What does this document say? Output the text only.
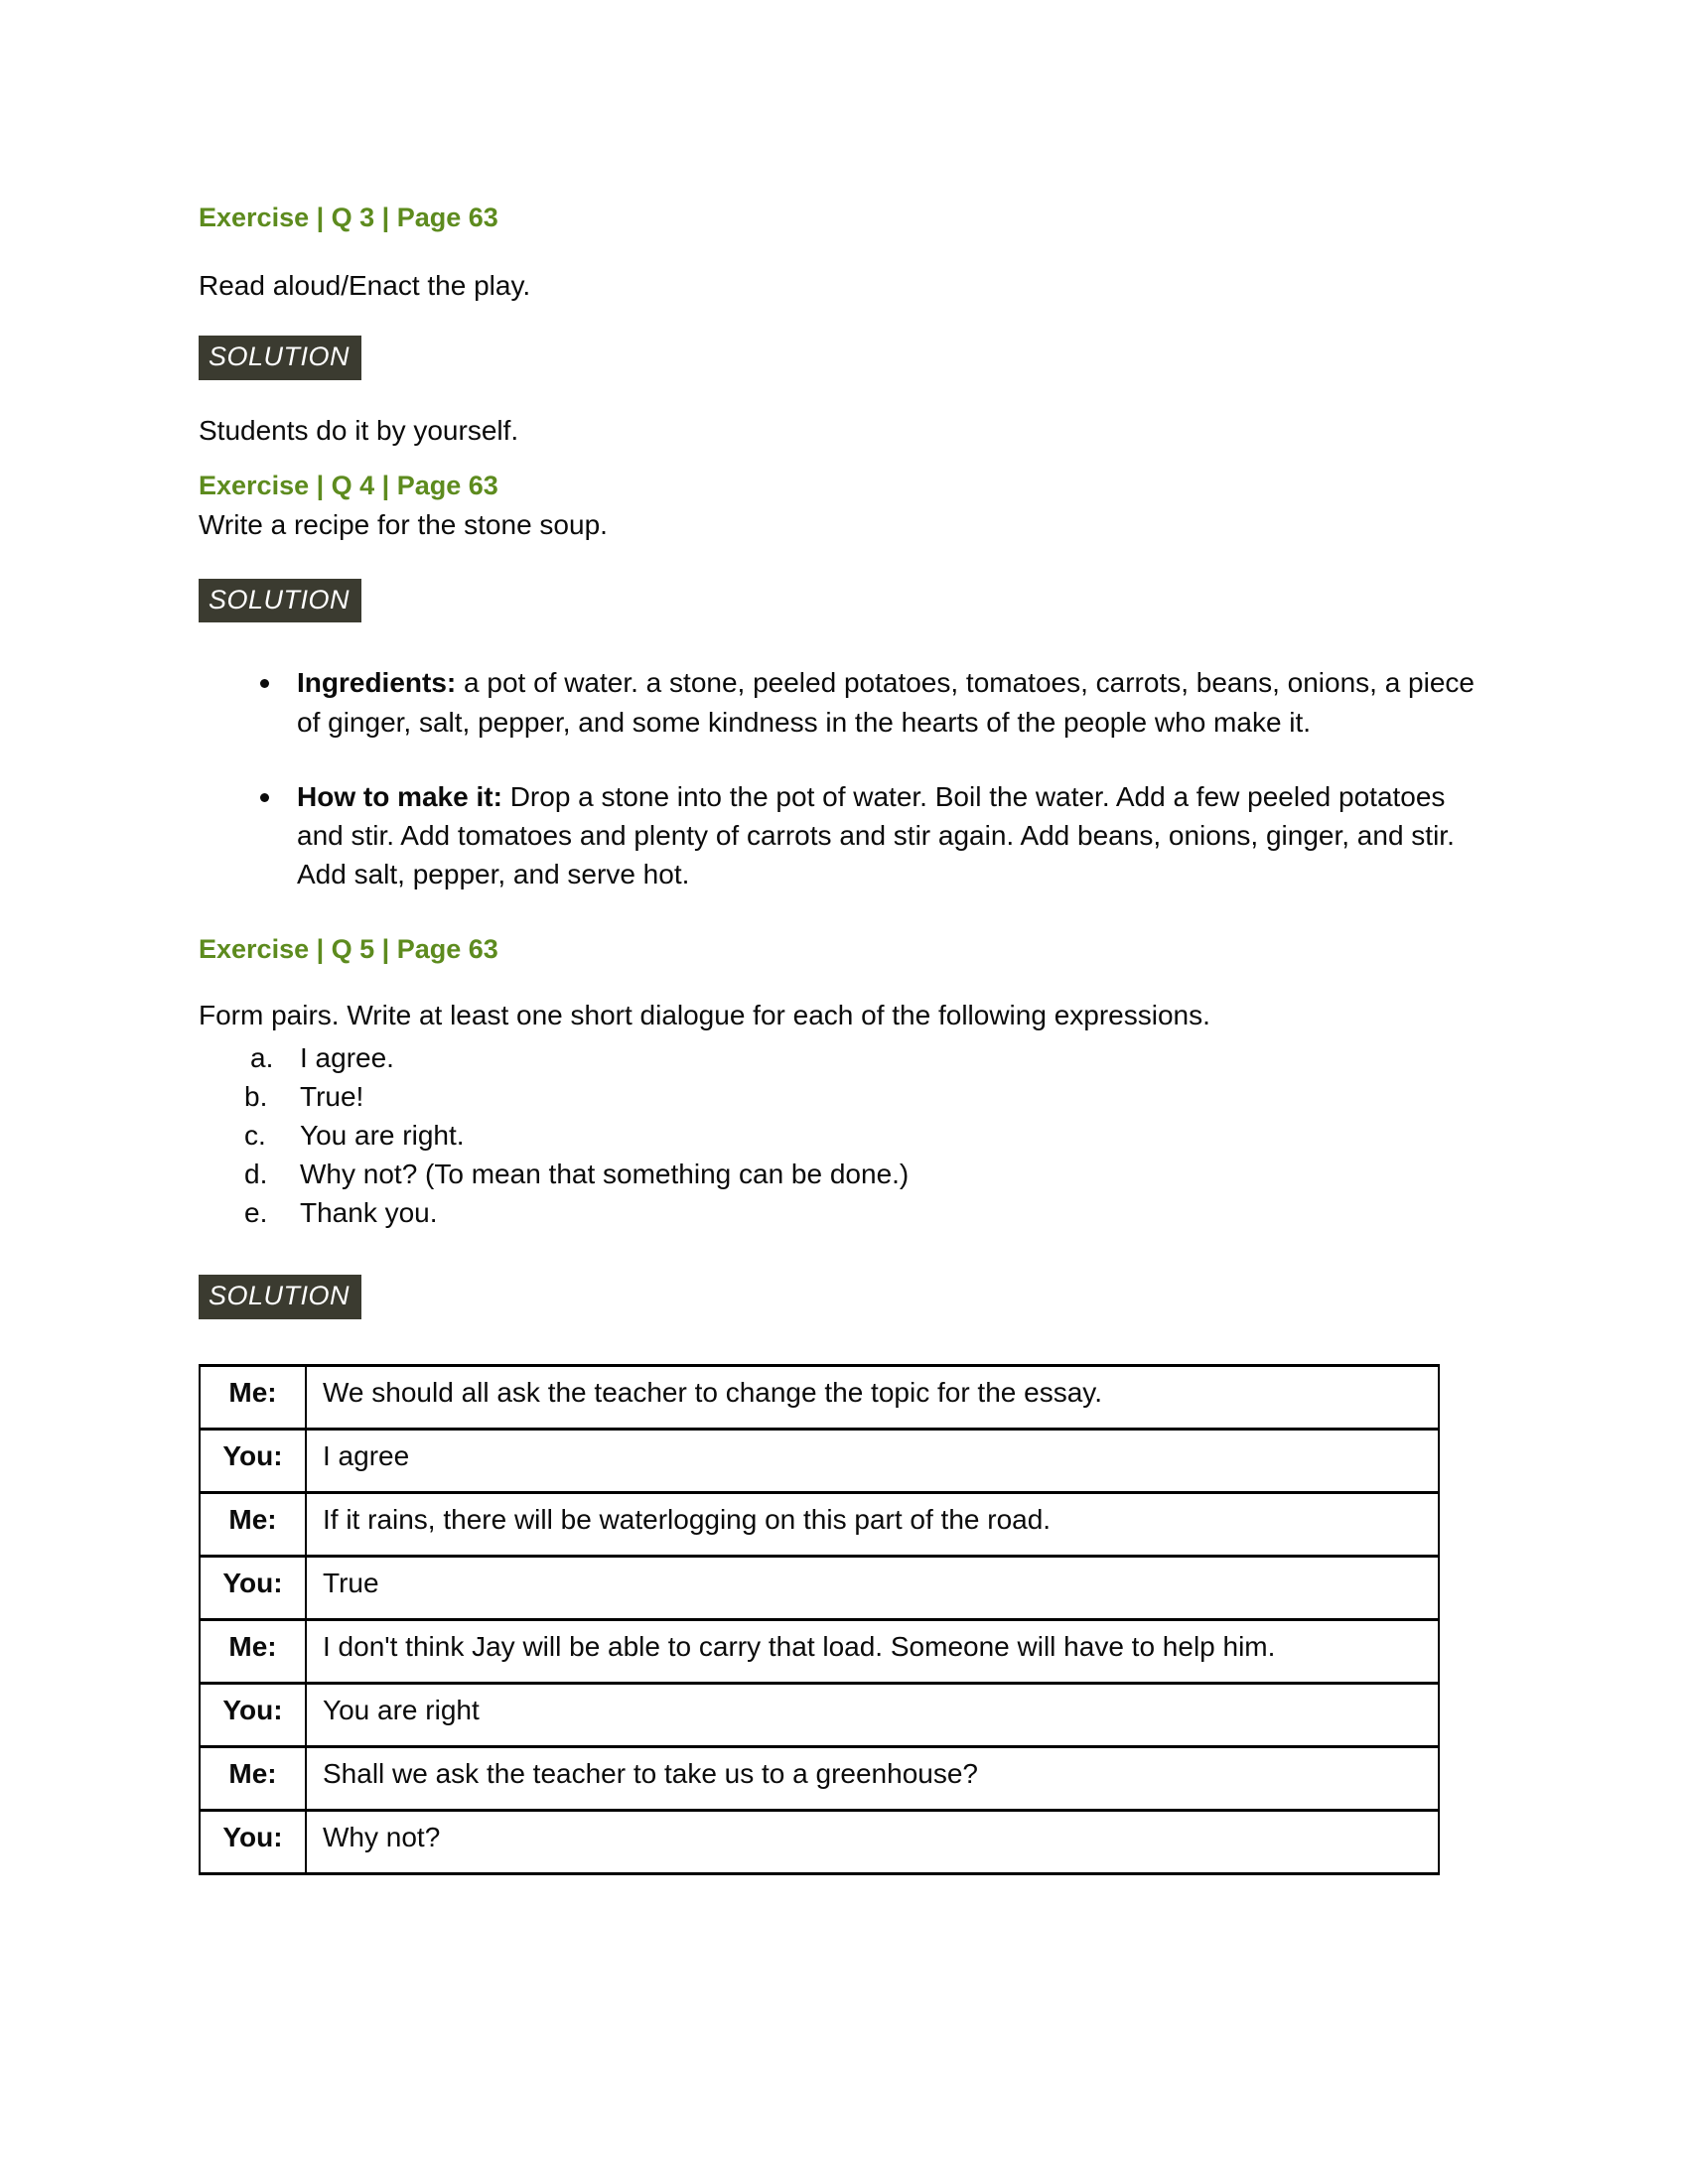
Exercise | Q 3 | Page 63
Read aloud/Enact the play.
SOLUTION
Students do it by yourself.
Exercise | Q 4 | Page 63
Write a recipe for the stone soup.
SOLUTION
Ingredients: a pot of water. a stone, peeled potatoes, tomatoes, carrots, beans, onions, a piece of ginger, salt, pepper, and some kindness in the hearts of the people who make it.
How to make it: Drop a stone into the pot of water. Boil the water. Add a few peeled potatoes and stir. Add tomatoes and plenty of carrots and stir again. Add beans, onions, ginger, and stir. Add salt, pepper, and serve hot.
Exercise | Q 5 | Page 63
Form pairs. Write at least one short dialogue for each of the following expressions.
a. I agree.
b.	True!
c.	You are right.
d.	Why not? (To mean that something can be done.)
e.	Thank you.
SOLUTION
Me:	We should all ask the teacher to change the topic for the essay.
You:	I agree
Me:	If it rains, there will be waterlogging on this part of the road.
You:	True
Me:	I don't think Jay will be able to carry that load. Someone will have to help him.
You:	You are right
Me:	Shall we ask the teacher to take us to a greenhouse?
You:	Why not?
